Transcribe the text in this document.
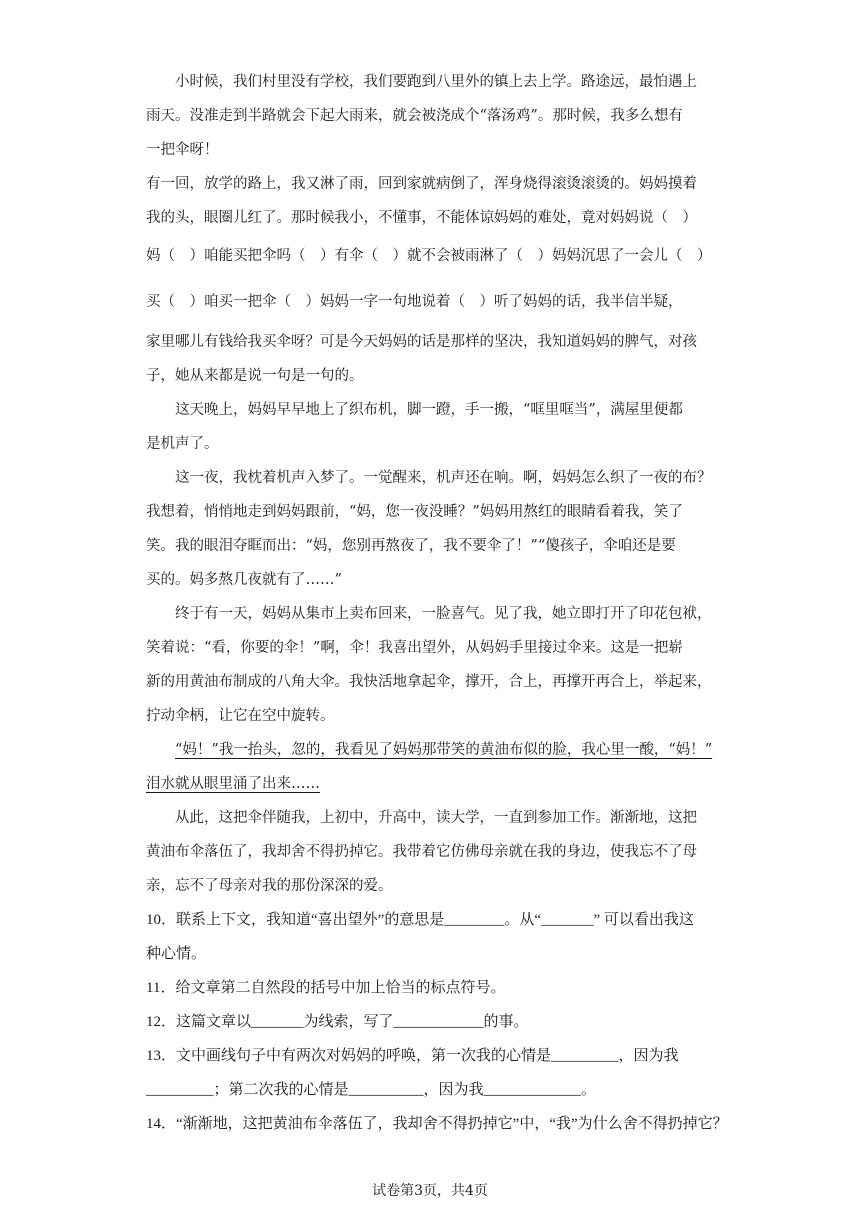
小时候，我们村里没有学校，我们要跑到八里外的镇上去上学。路途远，最怕遇上
雨天。没准走到半路就会下起大雨来，就会被浇成个“落汤鸡”。那时候，我多么想有
一把伞呀！
有一回，放学的路上，我又淋了雨，回到家就病倒了，浑身烧得滚烫滚烫的。妈妈摸着
我的头，眼圈儿红了。那时候我小，不懂事，不能体谅妈妈的难处，竟对妈妈说（　）
妈（　）咱能买把伞吗（　）有伞（　）就不会被雨淋了（　）妈妈沉思了一会儿（　）
买（　）咱买一把伞（　）妈妈一字一句地说着（　）听了妈妈的话，我半信半疑，
家里哪儿有钱给我买伞呀？可是今天妈妈的话是那样的坚决，我知道妈妈的脾气，对孩
子，她从来都是说一句是一句的。
这天晚上，妈妈早早地上了织布机，脚一蹬，手一搬，“哐里哐当”，满屋里便都
是机声了。
这一夜，我枕着机声入梦了。一觉醒来，机声还在响。啊，妈妈怎么织了一夜的布？
我想着，悄悄地走到妈妈跟前，“妈，您一夜没睡？”妈妈用熬红的眼睛看着我，笑了
笑。我的眼泪夺眶而出：“妈，您别再熬夜了，我不要伞了！”“傻孩子，伞咱还是要
买的。妈多熬几夜就有了……”
终于有一天，妈妈从集市上卖布回来，一脸喜气。见了我，她立即打开了印花包袱，
笑着说：“看，你要的伞！”啊，伞！我喜出望外，从妈妈手里接过伞来。这是一把崭
新的用黄油布制成的八角大伞。我快活地拿起伞，撑开，合上，再撑开再合上，举起来，
拧动伞柄，让它在空中旋转。
“妈！”我一抬头，忽的，我看见了妈妈那带笑的黄油布似的脸，我心里一酸，“妈！”
泪水就从眼里涌了出来……
从此，这把伞伴随我，上初中，升高中，读大学，一直到参加工作。渐渐地，这把
黄油布伞落伍了，我却舍不得扔掉它。我带着它仿佛母亲就在我的身边，使我忘不了母
亲，忘不了母亲对我的那份深深的爱。
10．联系上下文，我知道“喜出望外”的意思是________。从“_______” 可以看出我这
种心情。
11．给文章第二自然段的括号中加上恰当的标点符号。
12．这篇文章以_______为线索，写了____________的事。
13．文中画线句子中有两次对妈妈的呼唤，第一次我的心情是_________，因为我
_________；第二次我的心情是__________，因为我_____________。
14．“渐渐地，这把黄油布伞落伍了，我却舍不得扔掉它”中，“我”为什么舍不得扔掉它？
试卷第3页，共4页
